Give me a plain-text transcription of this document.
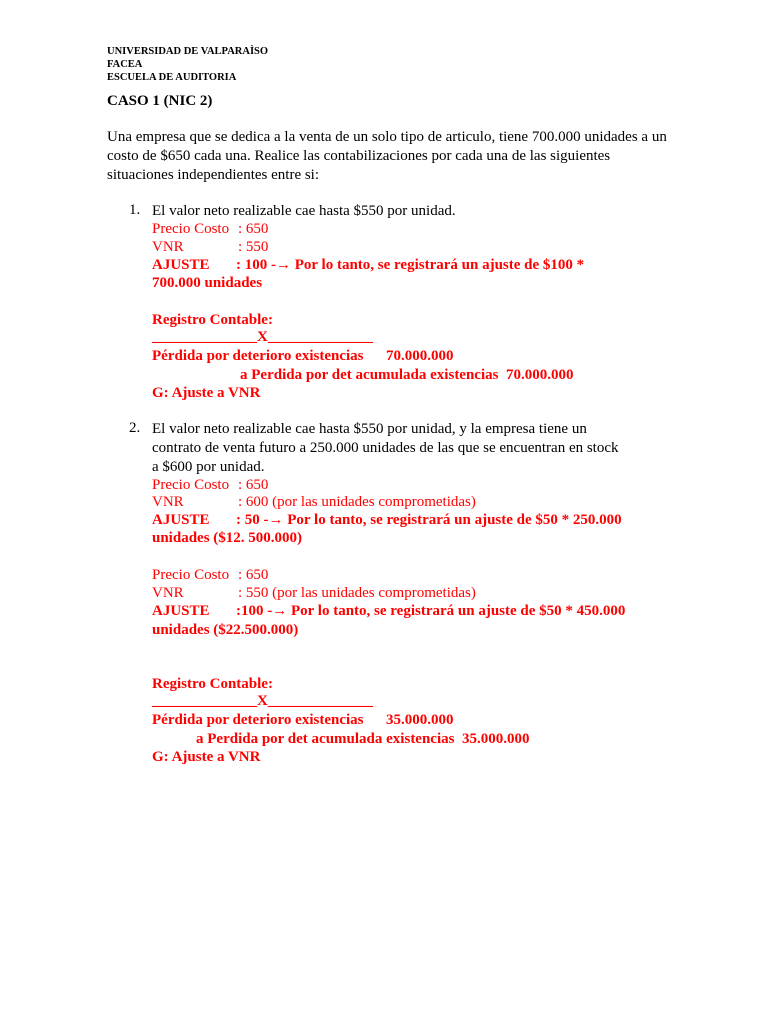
UNIVERSIDAD DE VALPARAÌSO
FACEA
ESCUELA DE AUDITORIA
CASO 1 (NIC 2)
Una empresa que se dedica a la venta de un solo tipo de articulo, tiene 700.000 unidades a un costo de $650 cada una. Realice las contabilizaciones por cada una de las siguientes situaciones independientes entre si:
1. El valor neto realizable cae hasta $550 por unidad.
Precio Costo : 650
VNR	: 550
AJUSTE : 100 -→ Por lo tanto, se registrará un ajuste de $100 *
700.000 unidades
Registro Contable:
______________X______________
Pérdida por deterioro existencias      70.000.000
a Perdida por det acumulada existencias  70.000.000
G: Ajuste a VNR
2. El valor neto realizable cae hasta $550 por unidad, y la empresa tiene un
contrato de venta futuro a 250.000 unidades de las que se encuentran en stock
a $600 por unidad.
Precio Costo : 650
VNR	: 600 (por las unidades comprometidas)
AJUSTE : 50 -→ Por lo tanto, se registrará un ajuste de $50 * 250.000
unidades ($12. 500.000)
Precio Costo : 650
VNR	: 550 (por las unidades comprometidas)
AJUSTE :100 -→ Por lo tanto, se registrará un ajuste de $50 * 450.000
unidades ($22.500.000)
Registro Contable:
______________X______________
Pérdida por deterioro existencias      35.000.000
a Perdida por det acumulada existencias  35.000.000
G: Ajuste a VNR
